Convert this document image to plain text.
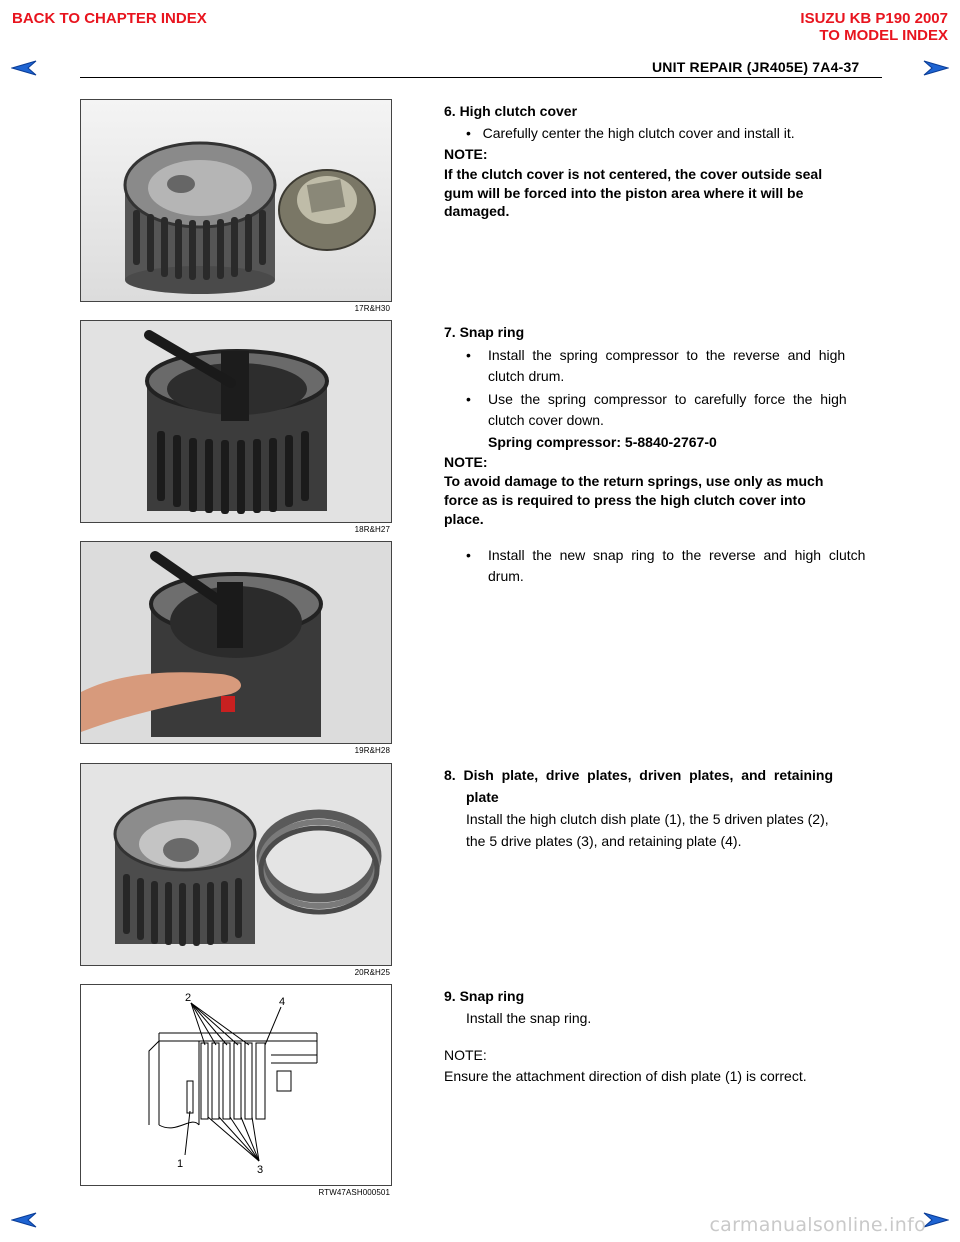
BACK TO CHAPTER INDEX	ISUZU KB P190 2007
TO MODEL INDEX
UNIT REPAIR (JR405E) 7A4-37
17R&H30
6. High clutch cover
• Carefully center the high clutch cover and install it.
NOTE:
If the clutch cover is not centered, the cover outside seal
gum will be forced into the piston area where it will be
damaged.
18R&H27
7. Snap ring
• Install  the  spring  compressor  to  the  reverse  and  high
clutch drum.
• Use  the  spring  compressor  to  carefully  force  the  high
clutch cover down.
Spring compressor: 5-8840-2767-0
NOTE:
To avoid damage to the return springs, use only as much
force as is required to press the high clutch cover into
place.
19R&H28
• Install  the  new  snap  ring  to  the  reverse  and  high  clutch
drum.
20R&H25
8.  Dish  plate,  drive  plates,  driven  plates,  and  retaining
plate
Install the high clutch dish plate (1), the 5 driven plates (2),
the 5 drive plates (3), and retaining plate (4).
2	4
1	3
RTW47ASH000501
9. Snap ring
Install the snap ring.
NOTE:
Ensure the attachment direction of dish plate (1) is correct.
carmanualsonline.info
